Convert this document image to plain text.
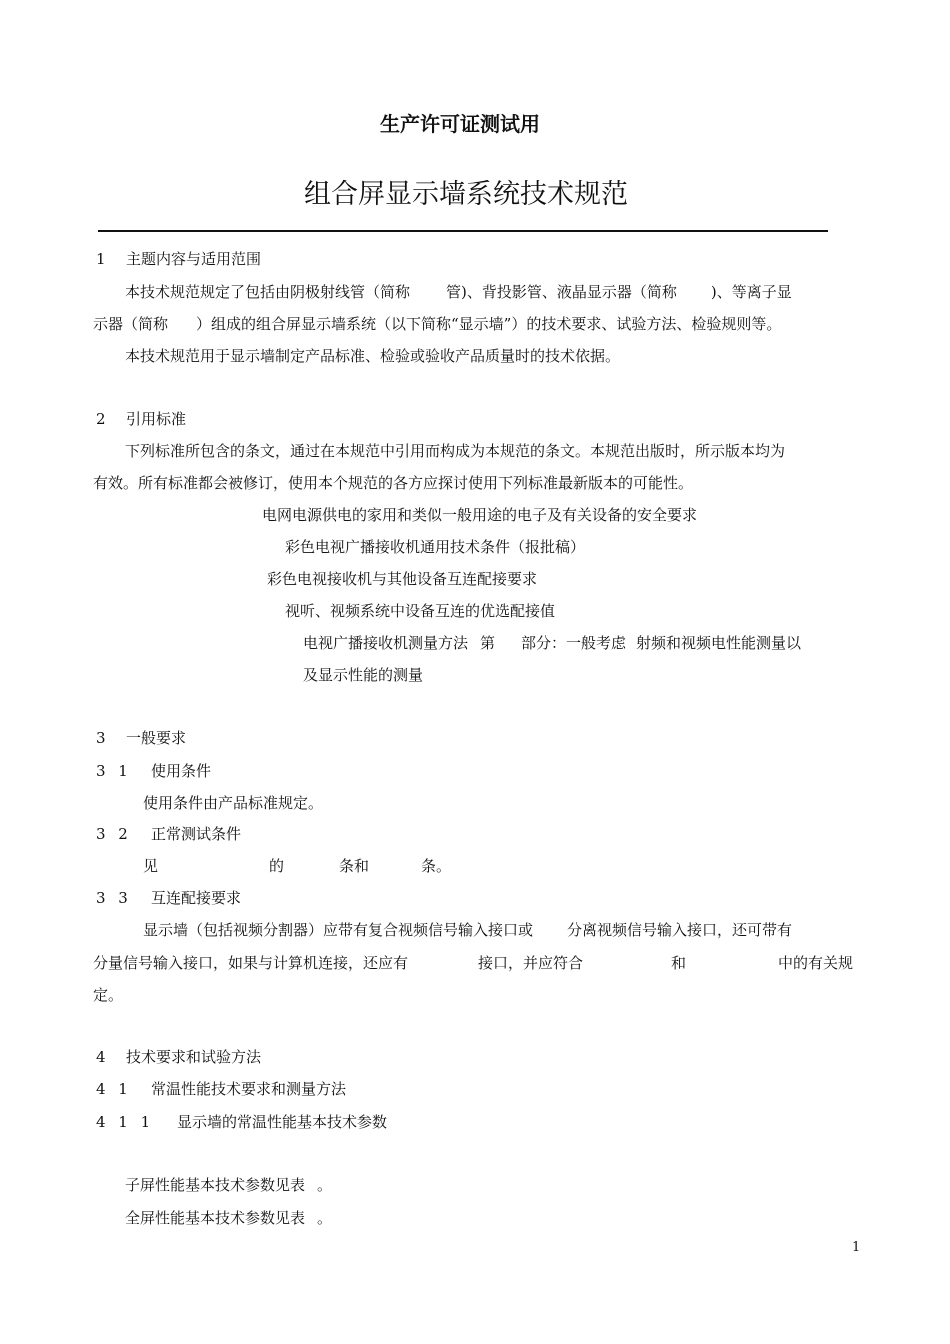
生产许可证测试用
组合屏显示墙系统技术规范
1 主题内容与适用范围
本技术规范规定了包括由阴极射线管（简称 管)、背投影管、液晶显示器（简称 )、等离子显
示器（简称 ）组成的组合屏显示墙系统（以下简称“显示墙”）的技术要求、试验方法、检验规则等。
本技术规范用于显示墙制定产品标准、检验或验收产品质量时的技术依据。
2 引用标准
下列标准所包含的条文，通过在本规范中引用而构成为本规范的条文。本规范出版时，所示版本均为
有效。所有标准都会被修订，使用本个规范的各方应探讨使用下列标准最新版本的可能性。
电网电源供电的家用和类似一般用途的电子及有关设备的安全要求
彩色电视广播接收机通用技术条件（报批稿）
彩色电视接收机与其他设备互连配接要求
视听、视频系统中设备互连的优选配接值
电视广播接收机测量方法 第 部分：一般考虑 射频和视频电性能测量以
及显示性能的测量
3 一般要求
3 1 使用条件
使用条件由产品标准规定。
3 2 正常测试条件
见	的	条和	条。
3 3 互连配接要求
显示墙（包括视频分割器）应带有复合视频信号输入接口或 分离视频信号输入接口，还可带有
分量信号输入接口，如果与计算机连接，还应有	接口，并应符合	和	中的有关规
定。
4 技术要求和试验方法
4 1 常温性能技术要求和测量方法
4 1 1 显示墙的常温性能基本技术参数
子屏性能基本技术参数见表 。
全屏性能基本技术参数见表 。
1
